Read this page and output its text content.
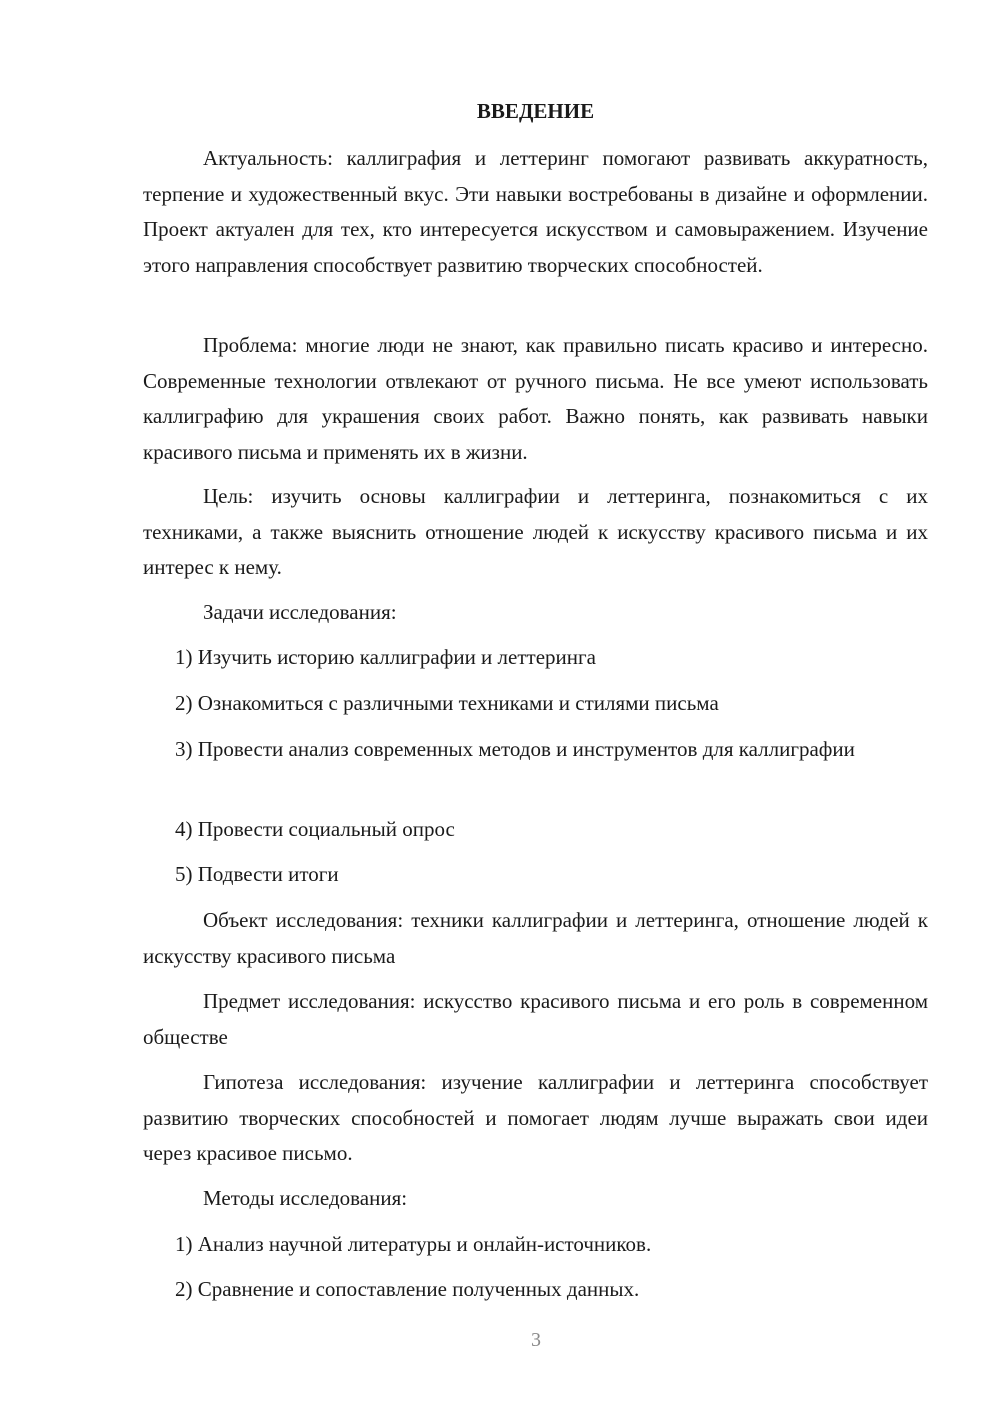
ВВЕДЕНИЕ

Актуальность: каллиграфия и леттеринг помогают развивать аккуратность, терпение и художественный вкус. Эти навыки востребованы в дизайне и оформлении. Проект актуален для тех, кто интересуется искусством и самовыражением. Изучение этого направления способствует развитию творческих способностей.

Проблема: многие люди не знают, как правильно писать красиво и интересно. Современные технологии отвлекают от ручного письма. Не все умеют использовать каллиграфию для украшения своих работ. Важно понять, как развивать навыки красивого письма и применять их в жизни.

Цель: изучить основы каллиграфии и леттеринга, познакомиться с их техниками, а также выяснить отношение людей к искусству красивого письма и их интерес к нему.

Задачи исследования:
1) Изучить историю каллиграфии и леттеринга
2) Ознакомиться с различными техниками и стилями письма

3) Провести анализ современных методов и инструментов для каллиграфии

4) Провести социальный опрос
5) Подвести итоги

Объект исследования: техники каллиграфии и леттеринга, отношение людей к искусству красивого письма

Предмет исследования: искусство красивого письма и его роль в современном обществе

Гипотеза исследования: изучение каллиграфии и леттеринга способствует развитию творческих способностей и помогает людям лучше выражать свои идеи через красивое письмо.

Методы исследования:
1) Анализ научной литературы и онлайн-источников.
2) Сравнение и сопоставление полученных данных.
3
